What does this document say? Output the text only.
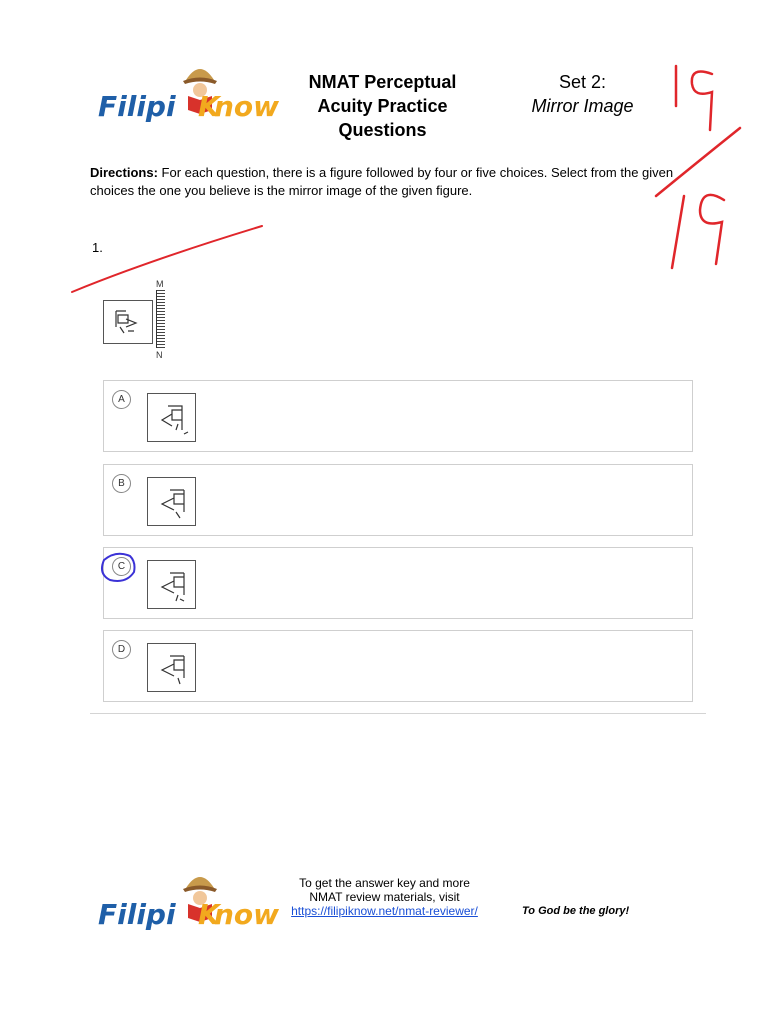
Filipi now
K
NMAT Perceptual
Acuity Practice
Questions
Set 2:
Mirror Image
Directions: For each question, there is a figure followed by four or five choices. Select from the given choices the one you believe is the mirror image of the given figure.
1.
M
N
A
B
C
D
Filipi K
now
To get the answer key and more NMAT review materials, visit
https://filipiknow.net/nmat-reviewer/	To God be the glory!
